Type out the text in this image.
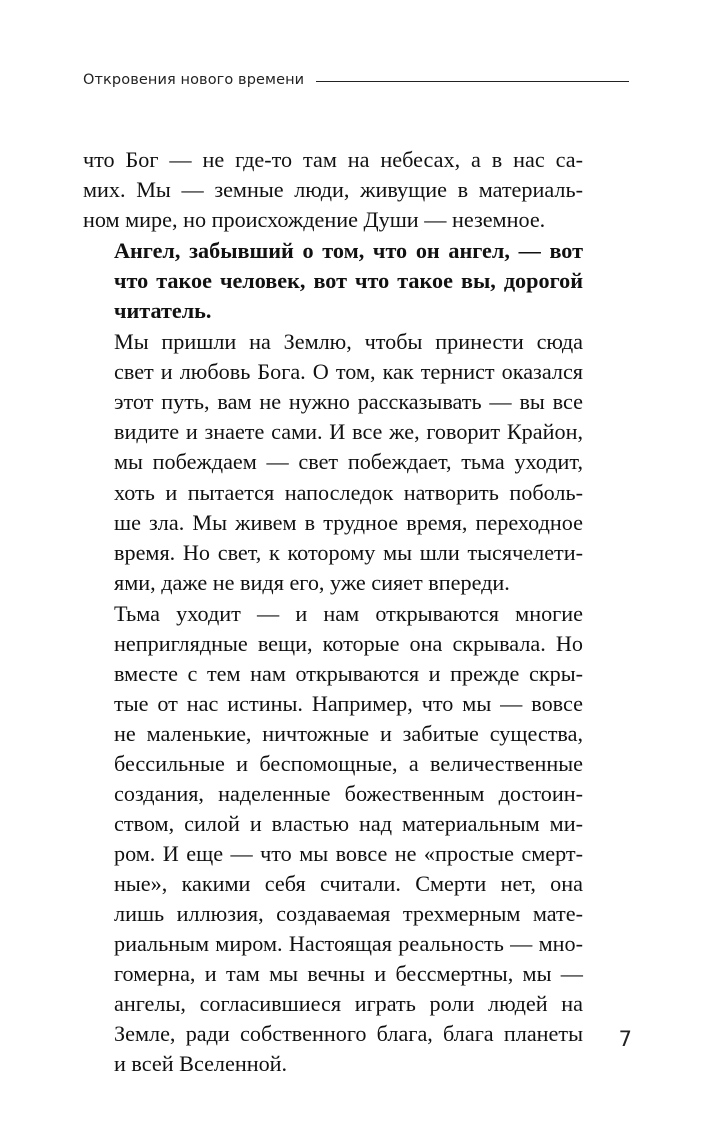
Откровения нового времени

что Бог — не где-то там на небесах, а в нас са-
мих. Мы — земные люди, живущие в материаль-
ном мире, но происхождение Души — неземное.

Ангел, забывший о том, что он ангел, — вот
что такое человек, вот что такое вы, дорогой
читатель.

Мы пришли на Землю, чтобы принести сюда
свет и любовь Бога. О том, как тернист оказался
этот путь, вам не нужно рассказывать — вы все
видите и знаете сами. И все же, говорит Крайон,
мы побеждаем — свет побеждает, тьма уходит,
хоть и пытается напоследок натворить поболь-
ше зла. Мы живем в трудное время, переходное
время. Но свет, к которому мы шли тысячелети-
ями, даже не видя его, уже сияет впереди.

Тьма уходит — и нам открываются многие
неприглядные вещи, которые она скрывала. Но
вместе с тем нам открываются и прежде скры-
тые от нас истины. Например, что мы — вовсе
не маленькие, ничтожные и забитые существа,
бессильные и беспомощные, а величественные
создания, наделенные божественным достоин-
ством, силой и властью над материальным ми-
ром. И еще — что мы вовсе не «простые смерт-
ные», какими себя считали. Смерти нет, она
лишь иллюзия, создаваемая трехмерным мате-
риальным миром. Настоящая реальность — мно-
гомерна, и там мы вечны и бессмертны, мы —
ангелы, согласившиеся играть роли людей на
Земле, ради собственного блага, блага планеты
и всей Вселенной.

7
